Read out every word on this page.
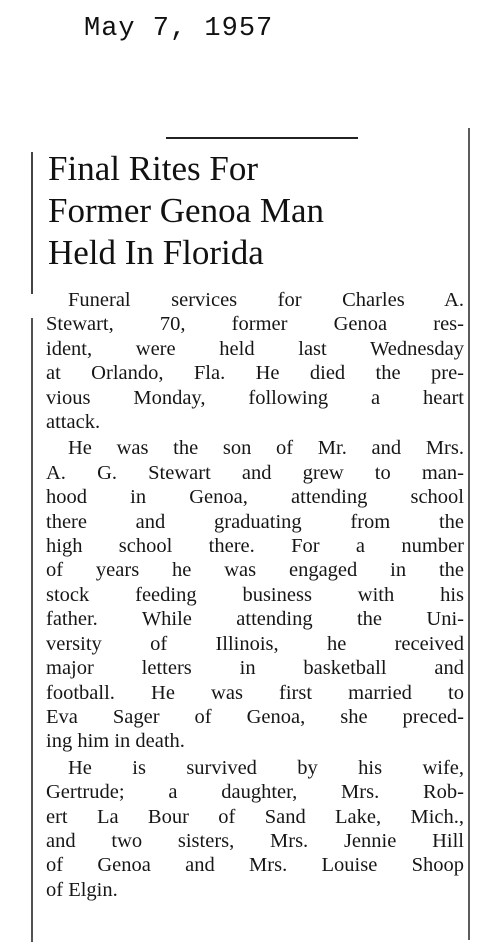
May 7, 1957
Final Rites For
Former Genoa Man
Held In Florida
Funeral services for Charles A.
Stewart, 70, former Genoa res-
ident, were held last Wednesday
at Orlando, Fla. He died the pre-
vious Monday, following a heart
attack.
He was the son of Mr. and Mrs.
A. G. Stewart and grew to man-
hood in Genoa, attending school
there and graduating from the
high school there. For a number
of years he was engaged in the
stock feeding business with his
father. While attending the Uni-
versity of Illinois, he received
major letters in basketball and
football. He was first married to
Eva Sager of Genoa, she preced-
ing him in death.
He is survived by his wife,
Gertrude; a daughter, Mrs. Rob-
ert La Bour of Sand Lake, Mich.,
and two sisters, Mrs. Jennie Hill
of Genoa and Mrs. Louise Shoop
of Elgin.
